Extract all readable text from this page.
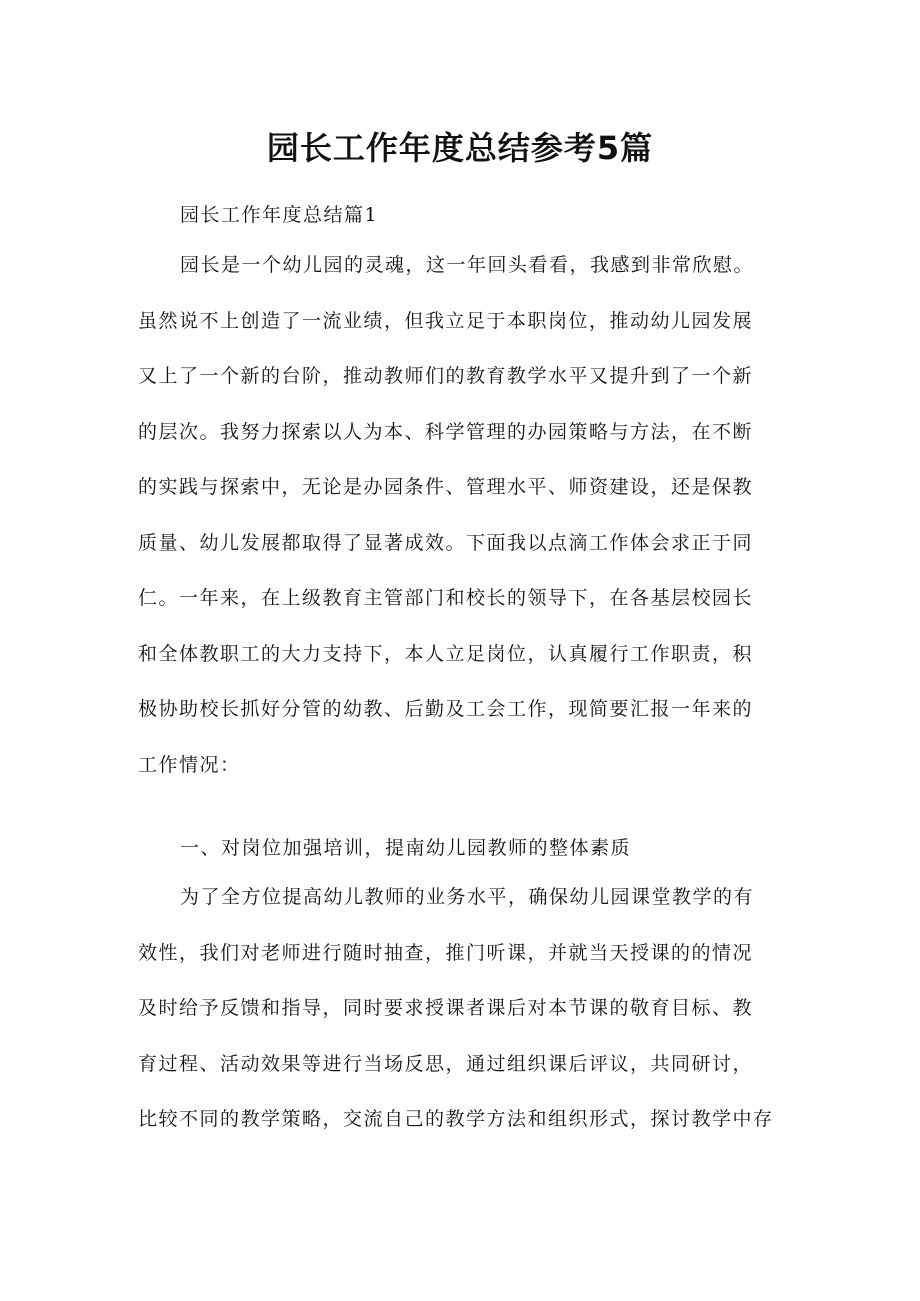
园长工作年度总结参考5篇
园长工作年度总结篇1
园长是一个幼儿园的灵魂，这一年回头看看，我感到非常欣慰。
虽然说不上创造了一流业绩，但我立足于本职岗位，推动幼儿园发展
又上了一个新的台阶，推动教师们的教育教学水平又提升到了一个新
的层次。我努力探索以人为本、科学管理的办园策略与方法，在不断
的实践与探索中，无论是办园条件、管理水平、师资建设，还是保教
质量、幼儿发展都取得了显著成效。下面我以点滴工作体会求正于同
仁。一年来，在上级教育主管部门和校长的领导下，在各基层校园长
和全体教职工的大力支持下，本人立足岗位，认真履行工作职责，积
极协助校长抓好分管的幼教、后勤及工会工作，现简要汇报一年来的
工作情况：
一、对岗位加强培训，提南幼儿园教师的整体素质
为了全方位提高幼儿教师的业务水平，确保幼儿园课堂教学的有
效性，我们对老师进行随时抽查，推门听课，并就当天授课的的情况
及时给予反馈和指导，同时要求授课者课后对本节课的敬育目标、教
育过程、活动效果等进行当场反思，通过组织课后评议，共同研讨，
比较不同的教学策略，交流自己的教学方法和组织形式，探讨教学中存
